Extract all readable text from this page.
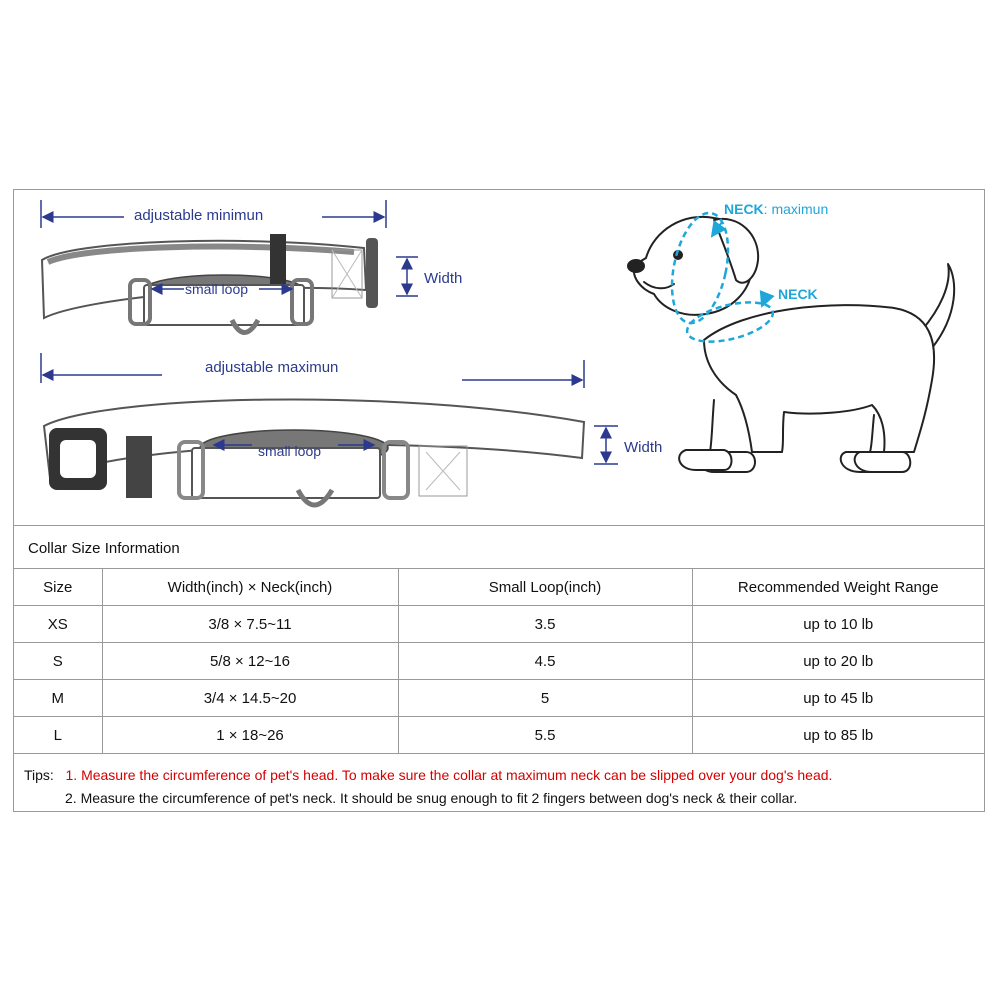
adjustable minimun
small loop
Width
adjustable maximun
small loop	Width
NECK: maximun
NECK
Collar Size Information
Size	Width(inch) × Neck(inch)	Small Loop(inch)	Recommended Weight Range
XS	3/8 × 7.5~11	3.5	up to 10 lb
S	5/8 × 12~16	4.5	up to 20 lb
M	3/4 × 14.5~20	5	up to 45 lb
L	1 × 18~26	5.5	up to 85 lb
Tips: 1. Measure the circumference of pet's head. To make sure the collar at maximum neck can be slipped over your dog's head.
2. Measure the circumference of pet's neck. It should be snug enough to fit 2 fingers between dog's neck & their collar.
